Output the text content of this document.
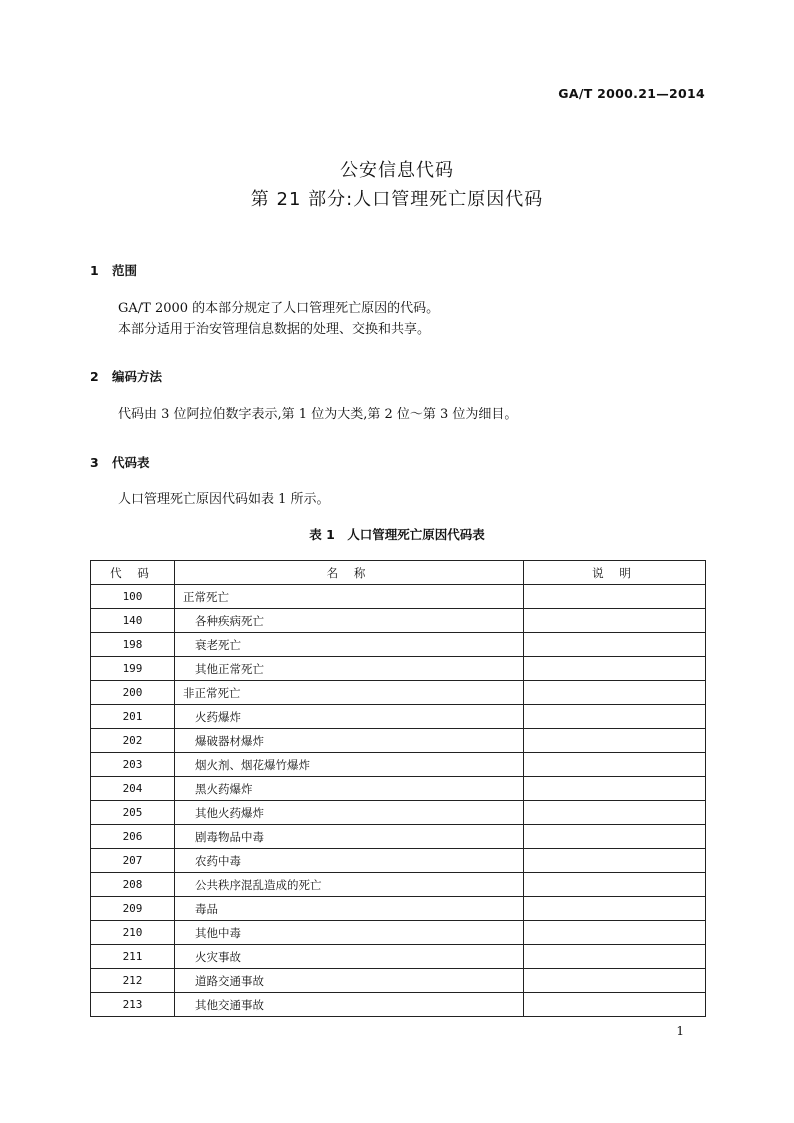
GA/T 2000.21—2014
公安信息代码
第 21 部分:人口管理死亡原因代码
1 范围
GA/T 2000 的本部分规定了人口管理死亡原因的代码。
本部分适用于治安管理信息数据的处理、交换和共享。
2 编码方法
代码由 3 位阿拉伯数字表示,第 1 位为大类,第 2 位～第 3 位为细目。
3 代码表
人口管理死亡原因代码如表 1 所示。
表 1　人口管理死亡原因代码表
代 码	名 称	说 明
100	正常死亡	
140	各种疾病死亡	
198	衰老死亡	
199	其他正常死亡	
200	非正常死亡	
201	火药爆炸	
202	爆破器材爆炸	
203	烟火剂、烟花爆竹爆炸	
204	黑火药爆炸	
205	其他火药爆炸	
206	剧毒物品中毒	
207	农药中毒	
208	公共秩序混乱造成的死亡	
209	毒品	
210	其他中毒	
211	火灾事故	
212	道路交通事故	
213	其他交通事故	
1
